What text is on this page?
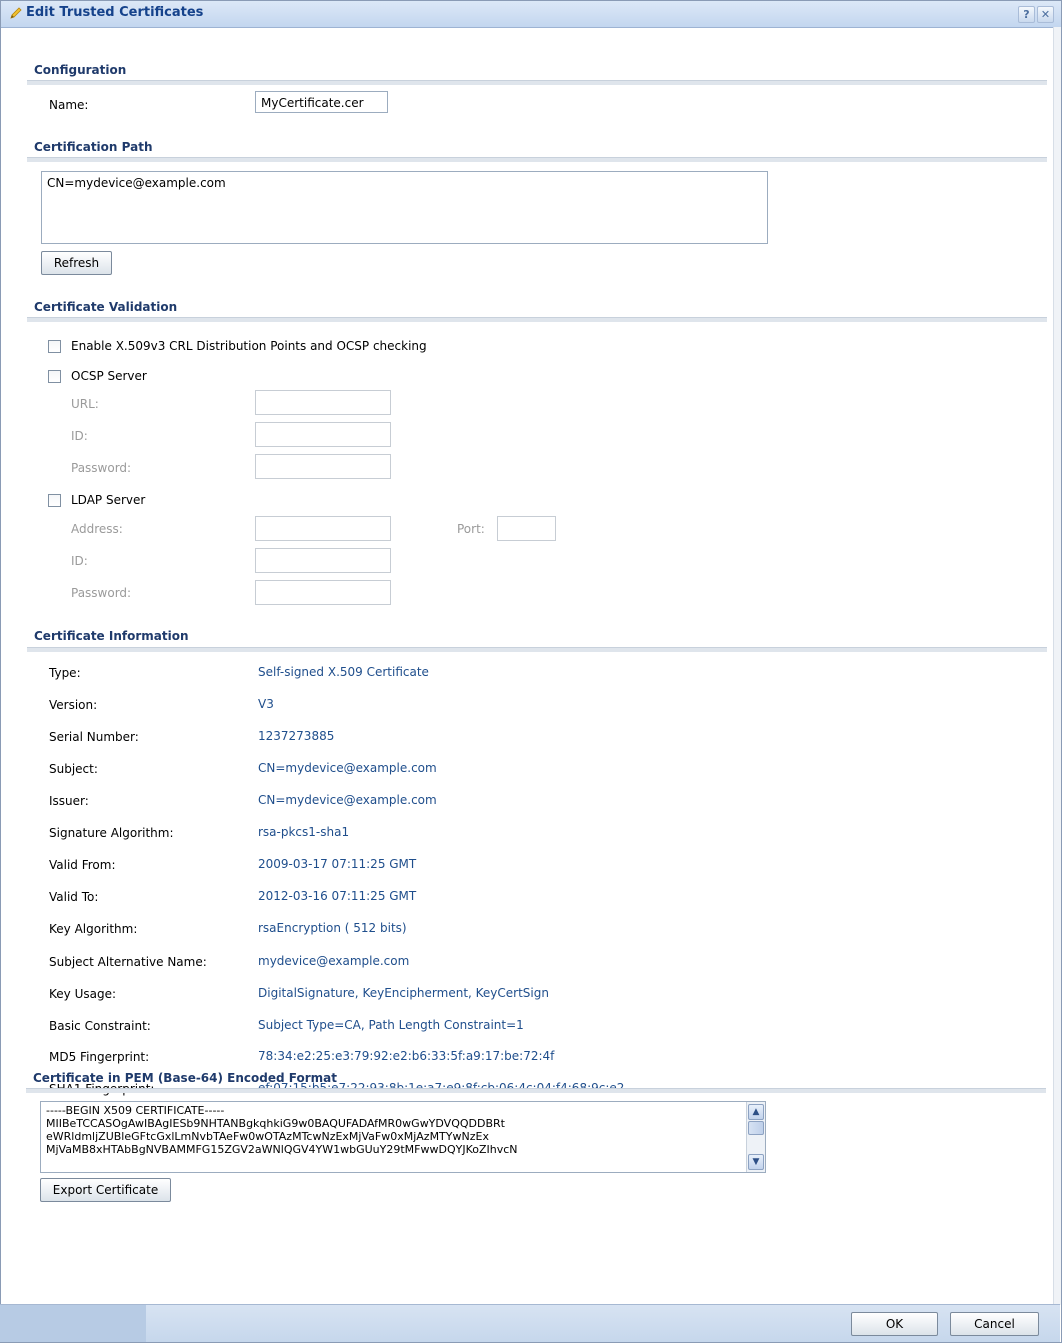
Edit Trusted Certificates	?	✕
Configuration
Name:	MyCertificate.cer
Certification Path
CN=mydevice@example.com
Refresh
Certificate Validation
Enable X.509v3 CRL Distribution Points and OCSP checking
OCSP Server
URL:
ID:
Password:
LDAP Server
Address:	Port:
ID:
Password:
Certificate Information
Type:	Self-signed X.509 Certificate
Version:	V3
Serial Number:	1237273885
Subject:	CN=mydevice@example.com
Issuer:	CN=mydevice@example.com
Signature Algorithm:	rsa-pkcs1-sha1
Valid From:	2009-03-17 07:11:25 GMT
Valid To:	2012-03-16 07:11:25 GMT
Key Algorithm:	rsaEncryption ( 512 bits)
Subject Alternative Name:	mydevice@example.com
Key Usage:	DigitalSignature, KeyEncipherment, KeyCertSign
Basic Constraint:	Subject Type=CA, Path Length Constraint=1
MD5 Fingerprint:	78:34:e2:25:e3:79:92:e2:b6:33:5f:a9:17:be:72:4f
Certificate in PEM (Base-64) Encoded Format
-----BEGIN X509 CERTIFICATE-----
MIIBeTCCASOgAwIBAgIESb9NHTANBgkqhkiG9w0BAQUFADAfMR0wGwYDVQQDDBRt
eWRldmljZUBleGFtcGxlLmNvbTAeFw0wOTAzMTcwNzExMjVaFw0xMjAzMTYwNzEx
MjVaMB8xHTAbBgNVBAMMFG15ZGV2aWNlQGV4YW1wbGUuY29tMFwwDQYJKoZIhvcN
▲
▼
Export Certificate
OK	Cancel
